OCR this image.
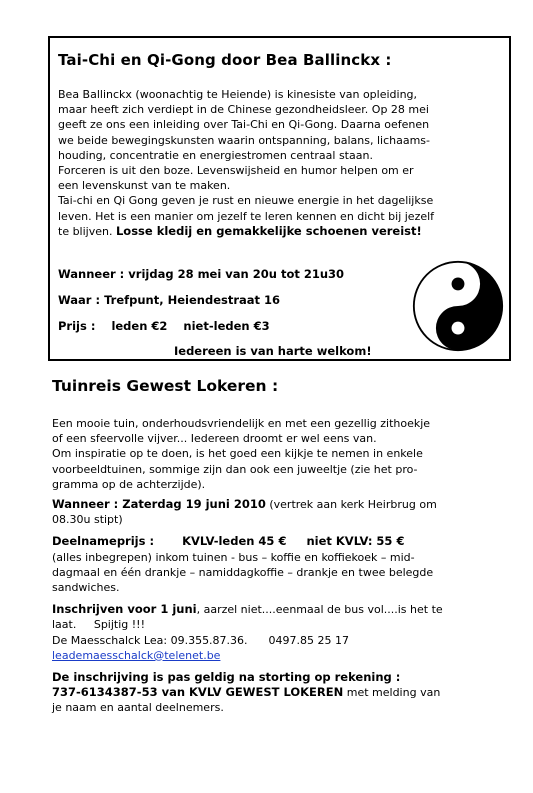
Tai-Chi en Qi-Gong door Bea Ballinckx :

Bea Ballinckx (woonachtig te Heiende) is kinesiste van opleiding,

maar heeft zich verdiept in de Chinese gezondheidsleer. Op 28 mei

geeft ze ons een inleiding over Tai-Chi en Qi-Gong. Daarna oefenen

we beide bewegingskunsten waarin ontspanning, balans, lichaams-

houding, concentratie en energiestromen centraal staan.

Forceren is uit den boze. Levenswijsheid en humor helpen om er

een levenskunst van te maken.

Tai-chi en Qi Gong geven je rust en nieuwe energie in het dagelijkse

leven. Het is een manier om jezelf te leren kennen en dicht bij jezelf

te blijven. Losse kledij en gemakkelijke schoenen vereist!

Wanneer : vrijdag 28 mei van 20u tot 21u30
Waar : Trefpunt, Heiendestraat 16
Prijs :    leden €2    niet-leden €3
Iedereen is van harte welkom!
Tuinreis Gewest Lokeren :

Een mooie tuin, onderhoudsvriendelijk en met een gezellig zithoekje

of een sfeervolle vijver... Iedereen droomt er wel eens van.

Om inspiratie op te doen, is het goed een kijkje te nemen in enkele

voorbeeldtuinen, sommige zijn dan ook een juweeltje (zie het pro-

gramma op de achterzijde).

Wanneer : Zaterdag 19 juni 2010 (vertrek aan kerk Heirbrug om

08.30u stipt)

Deelnameprijs :       KVLV-leden 45 €     niet KVLV: 55 €

(alles inbegrepen) inkom tuinen - bus – koffie en koffiekoek – mid-

dagmaal en één drankje – namiddagkoffie – drankje en twee belegde

sandwiches.

Inschrijven voor 1 juni, aarzel niet....eenmaal de bus vol....is het te

laat.     Spijtig !!!

De Maesschalck Lea: 09.355.87.36.      0497.85 25 17

leademaesschalck@telenet.be

De inschrijving is pas geldig na storting op rekening :

737-6134387-53 van KVLV GEWEST LOKEREN met melding van

je naam en aantal deelnemers.
